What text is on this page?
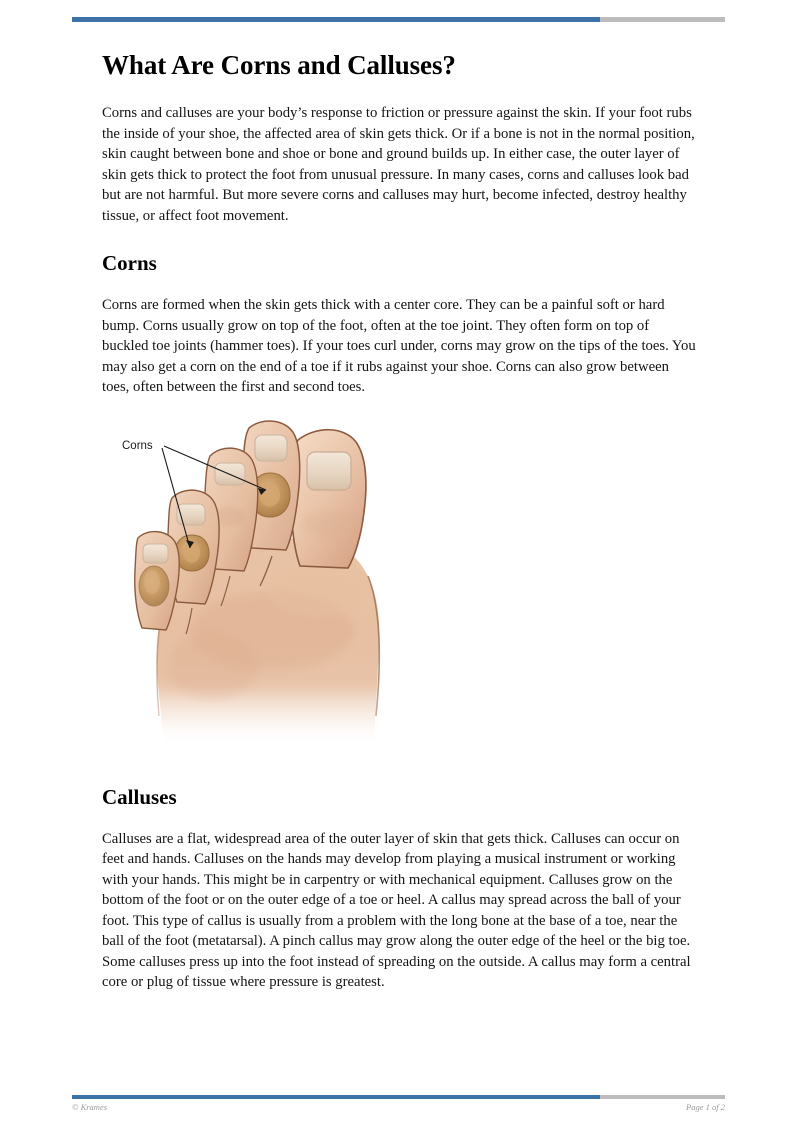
What Are Corns and Calluses?

Corns and calluses are your body’s response to friction or pressure against the skin. If your foot rubs the inside of your shoe, the affected area of skin gets thick. Or if a bone is not in the normal position, skin caught between bone and shoe or bone and ground builds up. In either case, the outer layer of skin gets thick to protect the foot from unusual pressure. In many cases, corns and calluses look bad but are not harmful. But more severe corns and calluses may hurt, become infected, destroy healthy tissue, or affect foot movement.

Corns

Corns are formed when the skin gets thick with a center core. They can be a painful soft or hard bump. Corns usually grow on top of the foot, often at the toe joint. They often form on top of buckled toe joints (hammer toes). If your toes curl under, corns may grow on the tips of the toes. You may also get a corn on the end of a toe if it rubs against your shoe. Corns can also grow between toes, often between the first and second toes.

Corns
Calluses

Calluses are a flat, widespread area of the outer layer of skin that gets thick. Calluses can occur on feet and hands. Calluses on the hands may develop from playing a musical instrument or working with your hands. This might be in carpentry or with mechanical equipment. Calluses grow on the bottom of the foot or on the outer edge of a toe or heel. A callus may spread across the ball of your foot. This type of callus is usually from a problem with the long bone at the base of a toe, near the ball of the foot (metatarsal). A pinch callus may grow along the outer edge of the heel or the big toe. Some calluses press up into the foot instead of spreading on the outside. A callus may form a central core or plug of tissue where pressure is greatest.

© Krames	Page 1 of 2
